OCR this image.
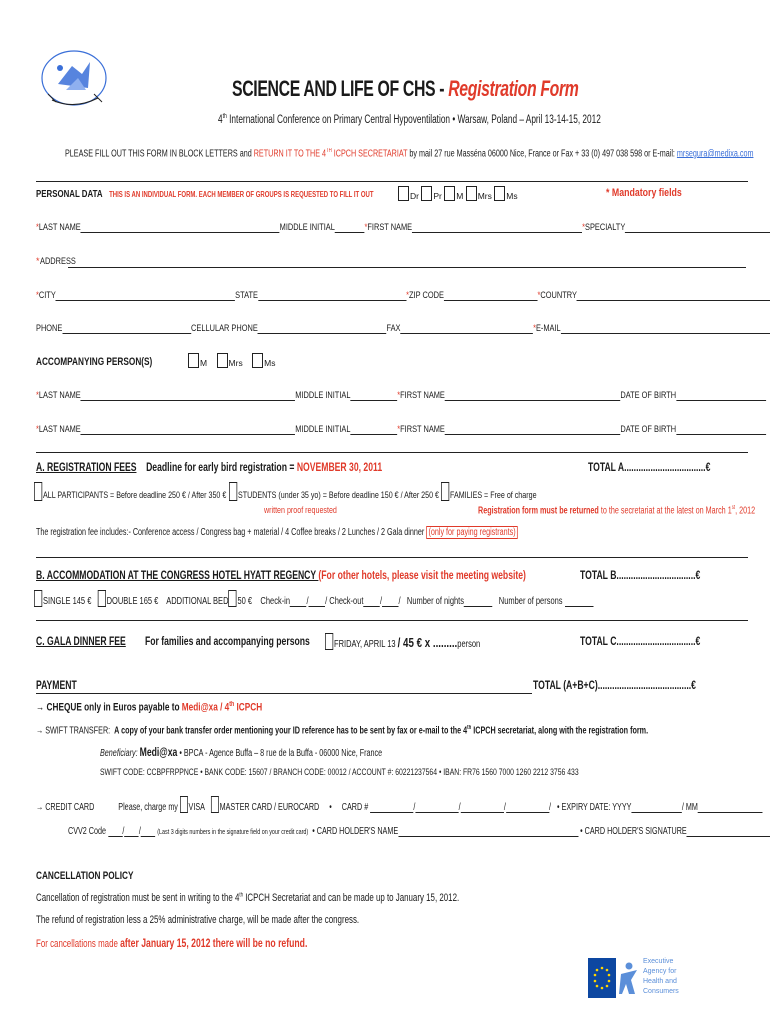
SCIENCE AND LIFE OF CHS - Registration Form
4th International Conference on Primary Central Hypoventilation • Warsaw, Poland – April 13-14-15, 2012
PLEASE FILL OUT THIS FORM IN BLOCK LETTERS and RETURN IT TO THE 4TH ICPCH SECRETARIAT by mail 27 rue Masséna 06000 Nice, France or Fax + 33 (0) 497 038 598 or E-mail: mrsegura@medixa.com
PERSONAL DATA THIS IS AN INDIVIDUAL FORM. EACH MEMBER OF GROUPS IS REQUESTED TO FILL IT OUT	Dr Pr M Mrs Ms	* Mandatory fields
*LAST NAME	MIDDLE INITIAL	*FIRST NAME	*SPECIALTY
*ADDRESS
*CITY	STATE	*ZIP CODE	*COUNTRY
PHONE	CELLULAR PHONE	FAX	*E-MAIL
ACCOMPANYING PERSON(S)	M	Mrs	Ms
*LAST NAME	MIDDLE INITIAL	*FIRST NAME	DATE OF BIRTH
*LAST NAME	MIDDLE INITIAL	*FIRST NAME	DATE OF BIRTH
A. REGISTRATION FEES Deadline for early bird registration = NOVEMBER 30, 2011	TOTAL A..................................€
ALL PARTICIPANTS = Before deadline 250 € / After 350 €	STUDENTS (under 35 yo) = Before deadline 150 € / After 250 €
written proof requested
FAMILIES = Free of charge
Registration form must be returned to the secretariat at the latest on March 1st, 2012
The registration fee includes:- Conference access / Congress bag + material / 4 Coffee breaks / 2 Lunches / 2 Gala dinner (only for paying registrants)
B. ACCOMMODATION AT THE CONGRESS HOTEL HYATT REGENCY (For other hotels, please visit the meeting website)	TOTAL B.................................€
SINGLE 145 € DOUBLE 165 € ADDITIONAL BED 50 € Check-in / / Check-out / /   Number of nights	Number of persons
C. GALA DINNER FEE For families and accompanying persons	FRIDAY, APRIL 13 / 45 € x .........person	TOTAL C.................................€
PAYMENT	TOTAL (A+B+C).......................................€
→ CHEQUE only in Euros payable to Medi@xa / 4th ICPCH
→ SWIFT TRANSFER: A copy of your bank transfer order mentioning your ID reference has to be sent by fax or e-mail to the 4th ICPCH secretariat, along with the registration form.
Beneficiary: Medi@xa • BPCA - Agence Buffa – 8 rue de la Buffa - 06000 Nice, France
SWIFT CODE: CCBPFRPPNCE • BANK CODE: 15607 / BRANCH CODE: 00012 / ACCOUNT #: 60221237564 • IBAN: FR76 1560 7000 1260 2212 3756 433
→ CREDIT CARD Please, charge my VISA MASTER CARD / EUROCARD • CARD #	/	/	/	/   • EXPIRY DATE: YYYY	/ MM
CVV2 Code / / (Last 3 digits numbers in the signature field on your credit card) • CARD HOLDER'S NAME	• CARD HOLDER'S SIGNATURE
CANCELLATION POLICY
Cancellation of registration must be sent in writing to the 4th ICPCH Secretariat and can be made up to January 15, 2012.
The refund of registration less a 25% administrative charge, will be made after the congress.
For cancellations made after January 15, 2012 there will be no refund.
Executive
Agency for
Health and
Consumers
